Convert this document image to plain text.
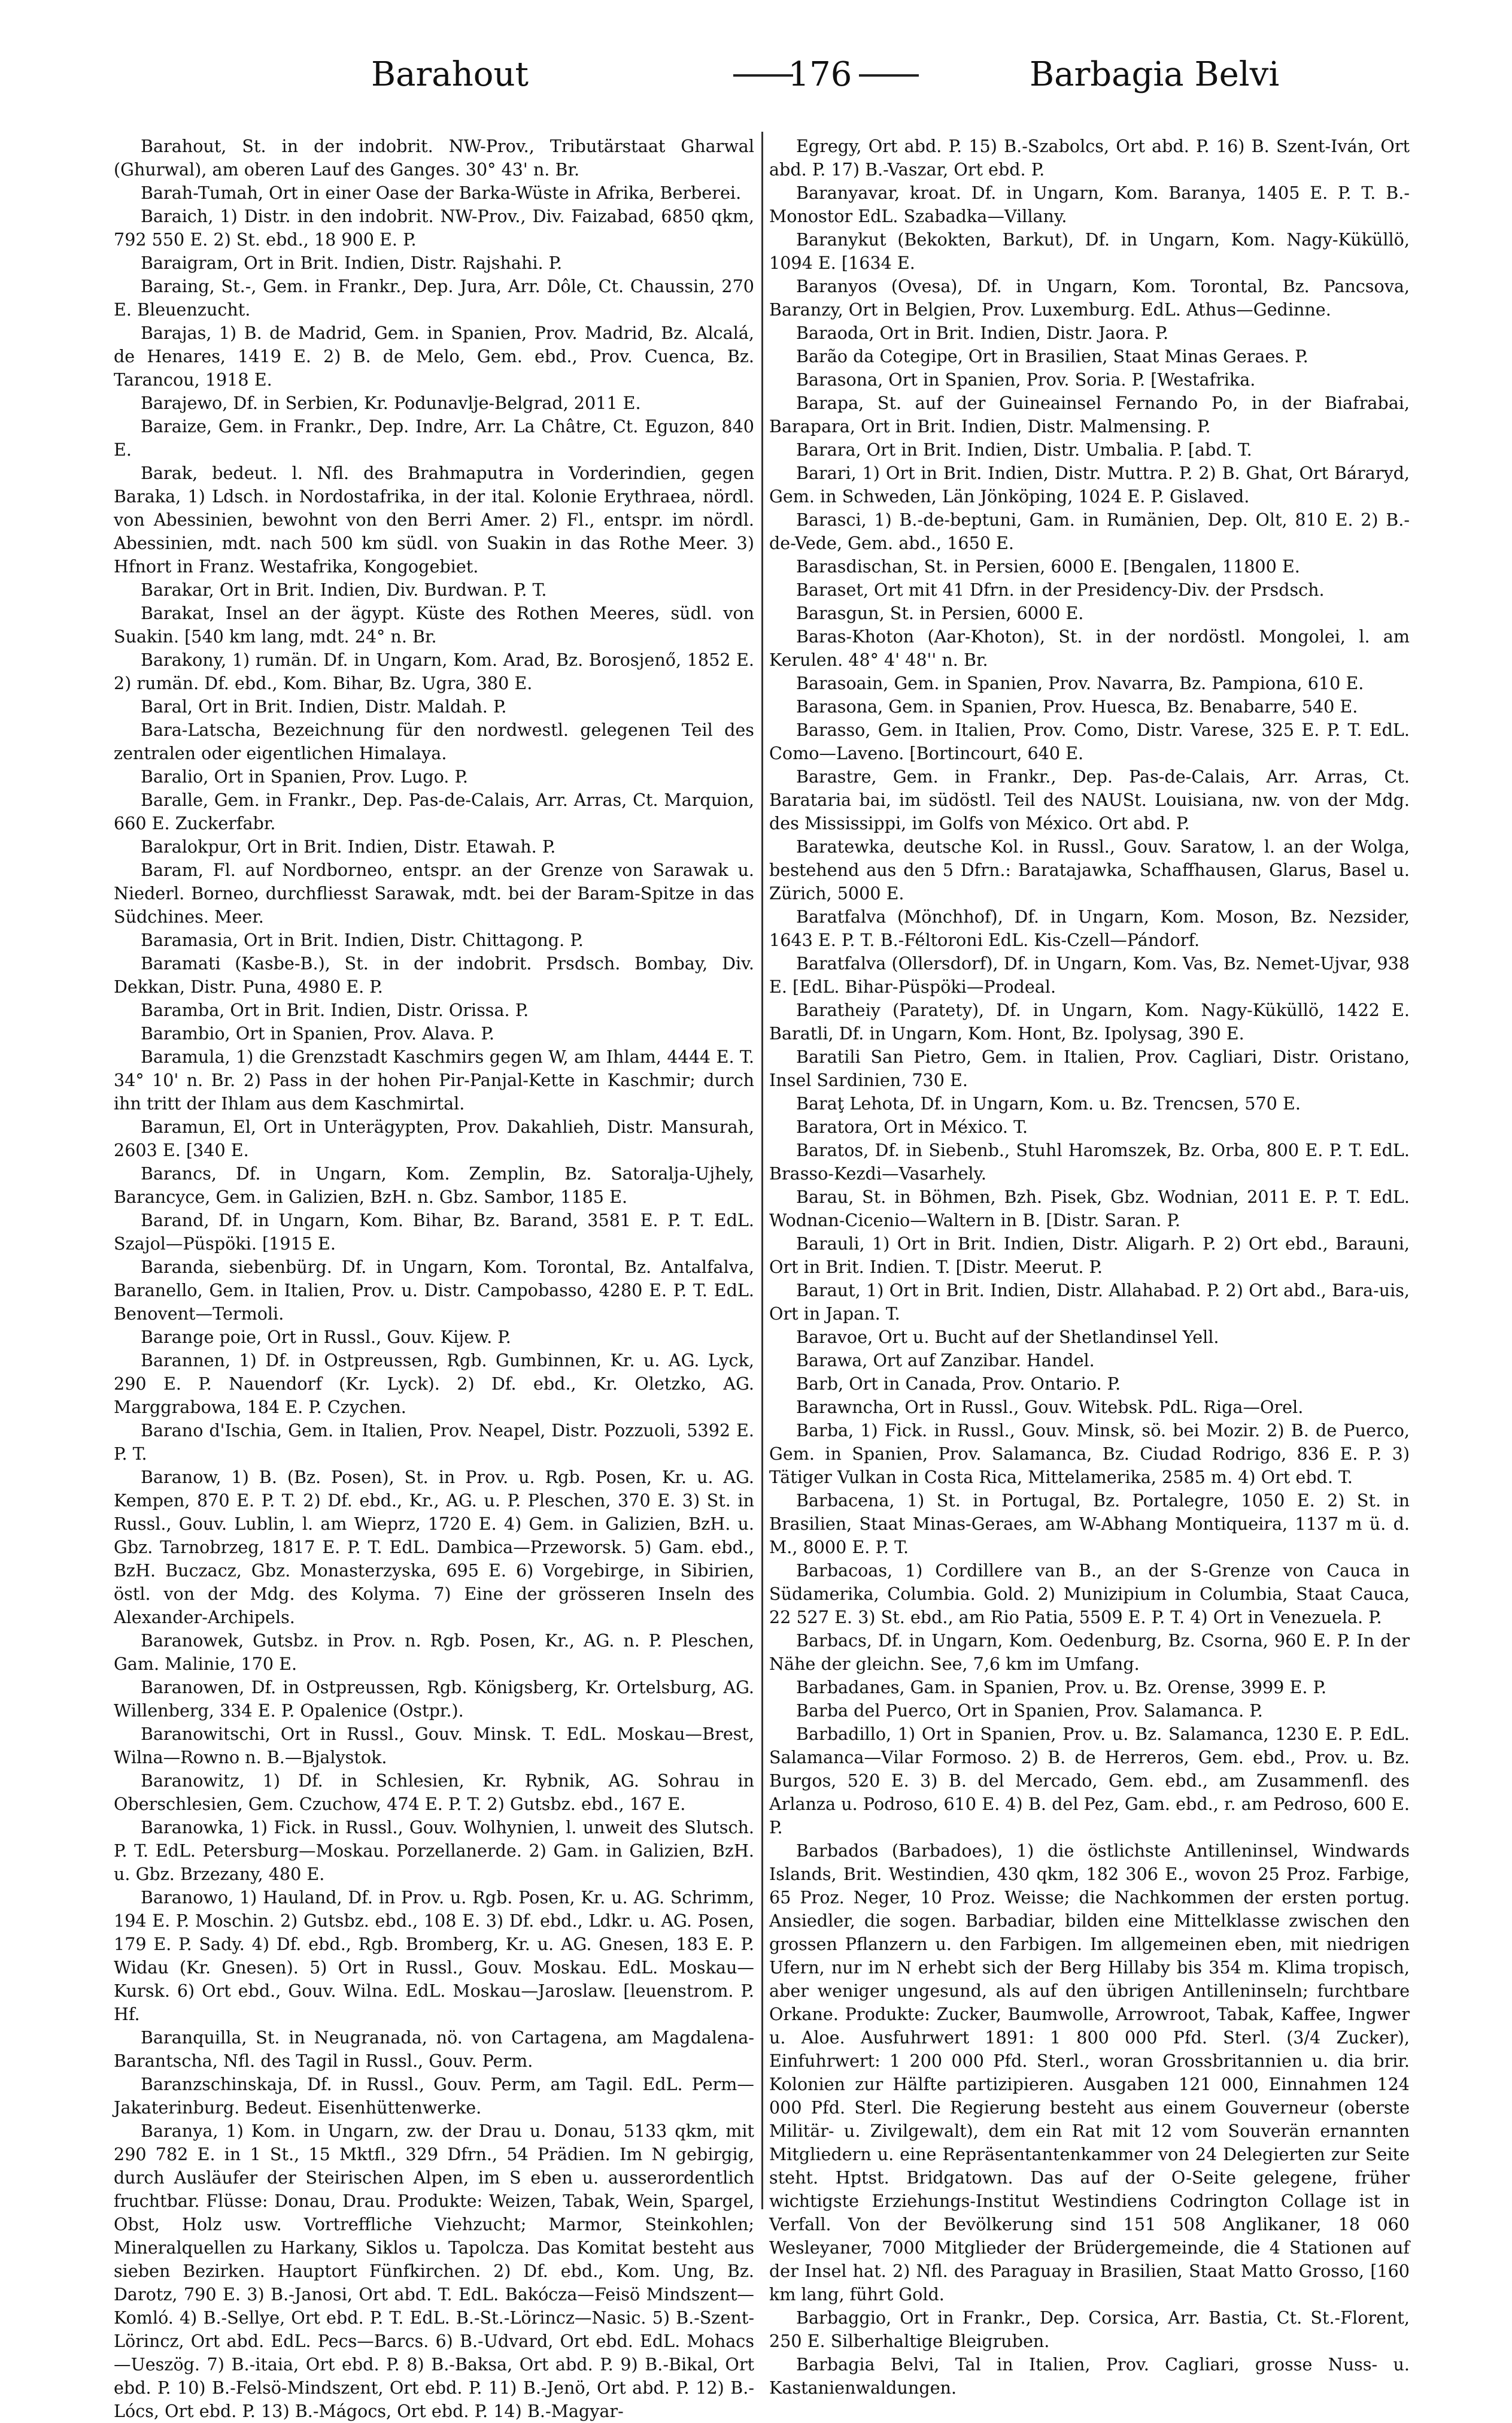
Barahout	176	Barbagia Belvi

Barahout, St. in der indobrit. NW-Prov., Tributärstaat Gharwal (Ghurwal), am oberen Lauf des Ganges. 30° 43' n. Br.

Barah-Tumah, Ort in einer Oase der Barka-Wüste in Afrika, Berberei.

Baraich, 1) Distr. in den indobrit. NW-Prov., Div. Faizabad, 6850 qkm, 792 550 E. 2) St. ebd., 18 900 E. P.

Baraigram, Ort in Brit. Indien, Distr. Rajshahi. P.

Baraing, St.-, Gem. in Frankr., Dep. Jura, Arr. Dôle, Ct. Chaussin, 270 E. Bleuenzucht.

Barajas, 1) B. de Madrid, Gem. in Spanien, Prov. Madrid, Bz. Alcalá, de Henares, 1419 E. 2) B. de Melo, Gem. ebd., Prov. Cuenca, Bz. Tarancou, 1918 E.

Barajewo, Df. in Serbien, Kr. Podunavlje-Belgrad, 2011 E.

Baraize, Gem. in Frankr., Dep. Indre, Arr. La Châtre, Ct. Eguzon, 840 E.

Barak, bedeut. l. Nfl. des Brahmaputra in Vorderindien, gegen Baraka, 1) Ldsch. in Nordostafrika, in der ital. Kolonie Erythraea, nördl. von Abessinien, bewohnt von den Berri Amer. 2) Fl., entspr. im nördl. Abessinien, mdt. nach 500 km südl. von Suakin in das Rothe Meer. 3) Hfnort in Franz. Westafrika, Kongogebiet.

Barakar, Ort in Brit. Indien, Div. Burdwan. P. T.

Barakat, Insel an der ägypt. Küste des Rothen Meeres, südl. von Suakin. [540 km lang, mdt. 24° n. Br.

Barakony, 1) rumän. Df. in Ungarn, Kom. Arad, Bz. Borosjenő, 1852 E. 2) rumän. Df. ebd., Kom. Bihar, Bz. Ugra, 380 E.

Baral, Ort in Brit. Indien, Distr. Maldah. P.

Bara-Latscha, Bezeichnung für den nordwestl. gelegenen Teil des zentralen oder eigentlichen Himalaya.

Baralio, Ort in Spanien, Prov. Lugo. P.

Baralle, Gem. in Frankr., Dep. Pas-de-Calais, Arr. Arras, Ct. Marquion, 660 E. Zuckerfabr.

Baralokpur, Ort in Brit. Indien, Distr. Etawah. P.

Baram, Fl. auf Nordborneo, entspr. an der Grenze von Sarawak u. Niederl. Borneo, durchfliesst Sarawak, mdt. bei der Baram-Spitze in das Südchines. Meer.

Baramasia, Ort in Brit. Indien, Distr. Chittagong. P.

Baramati (Kasbe-B.), St. in der indobrit. Prsdsch. Bombay, Div. Dekkan, Distr. Puna, 4980 E. P.

Baramba, Ort in Brit. Indien, Distr. Orissa. P.

Barambio, Ort in Spanien, Prov. Alava. P.

Baramula, 1) die Grenzstadt Kaschmirs gegen W, am Ihlam, 4444 E. T. 34° 10' n. Br. 2) Pass in der hohen Pir-Panjal-Kette in Kaschmir; durch ihn tritt der Ihlam aus dem Kaschmirtal.

Baramun, El, Ort in Unterägypten, Prov. Dakahlieh, Distr. Mansurah, 2603 E. [340 E.

Barancs, Df. in Ungarn, Kom. Zemplin, Bz. Satoralja-Ujhely, Barancyce, Gem. in Galizien, BzH. n. Gbz. Sambor, 1185 E.

Barand, Df. in Ungarn, Kom. Bihar, Bz. Barand, 3581 E. P. T. EdL. Szajol—Püspöki. [1915 E.

Baranda, siebenbürg. Df. in Ungarn, Kom. Torontal, Bz. Antalfalva, Baranello, Gem. in Italien, Prov. u. Distr. Campobasso, 4280 E. P. T. EdL. Benovent—Termoli.

Barange poie, Ort in Russl., Gouv. Kijew. P.

Barannen, 1) Df. in Ostpreussen, Rgb. Gumbinnen, Kr. u. AG. Lyck, 290 E. P. Nauendorf (Kr. Lyck). 2) Df. ebd., Kr. Oletzko, AG. Marggrabowa, 184 E. P. Czychen.

Barano d'Ischia, Gem. in Italien, Prov. Neapel, Distr. Pozzuoli, 5392 E. P. T.

Baranow, 1) B. (Bz. Posen), St. in Prov. u. Rgb. Posen, Kr. u. AG. Kempen, 870 E. P. T. 2) Df. ebd., Kr., AG. u. P. Pleschen, 370 E. 3) St. in Russl., Gouv. Lublin, l. am Wieprz, 1720 E. 4) Gem. in Galizien, BzH. u. Gbz. Tarnobrzeg, 1817 E. P. T. EdL. Dambica—Przeworsk. 5) Gam. ebd., BzH. Buczacz, Gbz. Monasterzyska, 695 E. 6) Vorgebirge, in Sibirien, östl. von der Mdg. des Kolyma. 7) Eine der grösseren Inseln des Alexander-Archipels.

Baranowek, Gutsbz. in Prov. n. Rgb. Posen, Kr., AG. n. P. Pleschen, Gam. Malinie, 170 E.

Baranowen, Df. in Ostpreussen, Rgb. Königsberg, Kr. Ortelsburg, AG. Willenberg, 334 E. P. Opalenice (Ostpr.).

Baranowitschi, Ort in Russl., Gouv. Minsk. T. EdL. Moskau—Brest, Wilna—Rowno n. B.—Bjalystok.

Baranowitz, 1) Df. in Schlesien, Kr. Rybnik, AG. Sohrau in Oberschlesien, Gem. Czuchow, 474 E. P. T. 2) Gutsbz. ebd., 167 E.

Baranowka, 1) Fick. in Russl., Gouv. Wolhynien, l. unweit des Slutsch. P. T. EdL. Petersburg—Moskau. Porzellanerde. 2) Gam. in Galizien, BzH. u. Gbz. Brzezany, 480 E.

Baranowo, 1) Hauland, Df. in Prov. u. Rgb. Posen, Kr. u. AG. Schrimm, 194 E. P. Moschin. 2) Gutsbz. ebd., 108 E. 3) Df. ebd., Ldkr. u. AG. Posen, 179 E. P. Sady. 4) Df. ebd., Rgb. Bromberg, Kr. u. AG. Gnesen, 183 E. P. Widau (Kr. Gnesen). 5) Ort in Russl., Gouv. Moskau. EdL. Moskau—Kursk. 6) Ort ebd., Gouv. Wilna. EdL. Moskau—Jaroslaw. [leuenstrom. P. Hf.

Baranquilla, St. in Neugranada, nö. von Cartagena, am Magdalena-Barantscha, Nfl. des Tagil in Russl., Gouv. Perm.

Baranzschinskaja, Df. in Russl., Gouv. Perm, am Tagil. EdL. Perm—Jakaterinburg. Bedeut. Eisenhüttenwerke.

Baranya, 1) Kom. in Ungarn, zw. der Drau u. Donau, 5133 qkm, mit 290 782 E. in 1 St., 15 Mktfl., 329 Dfrn., 54 Prädien. Im N gebirgig, durch Ausläufer der Steirischen Alpen, im S eben u. ausserordentlich fruchtbar. Flüsse: Donau, Drau. Produkte: Weizen, Tabak, Wein, Spargel, Obst, Holz usw. Vortreffliche Viehzucht; Marmor, Steinkohlen; Mineralquellen zu Harkany, Siklos u. Tapolcza. Das Komitat besteht aus sieben Bezirken. Hauptort Fünfkirchen. 2) Df. ebd., Kom. Ung, Bz. Darotz, 790 E. 3) B.-Janosi, Ort abd. T. EdL. Bakócza—Feisö Mindszent—Komló. 4) B.-Sellye, Ort ebd. P. T. EdL. B.-St.-Lörincz—Nasic. 5) B.-Szent-Lörincz, Ort abd. EdL. Pecs—Barcs. 6) B.-Udvard, Ort ebd. EdL. Mohacs—Ueszög. 7) B.-itaia, Ort ebd. P. 8) B.-Baksa, Ort abd. P. 9) B.-Bikal, Ort ebd. P. 10) B.-Felsö-Mindszent, Ort ebd. P. 11) B.-Jenö, Ort abd. P. 12) B.-Lócs, Ort ebd. P. 13) B.-Mágocs, Ort ebd. P. 14) B.-Magyar-

Egregy, Ort abd. P. 15) B.-Szabolcs, Ort abd. P. 16) B. Szent-Iván, Ort abd. P. 17) B.-Vaszar, Ort ebd. P.

Baranyavar, kroat. Df. in Ungarn, Kom. Baranya, 1405 E. P. T. B.-Monostor EdL. Szabadka—Villany.

Baranykut (Bekokten, Barkut), Df. in Ungarn, Kom. Nagy-Küküllö, 1094 E. [1634 E.

Baranyos (Ovesa), Df. in Ungarn, Kom. Torontal, Bz. Pancsova, Baranzy, Ort in Belgien, Prov. Luxemburg. EdL. Athus—Gedinne.

Baraoda, Ort in Brit. Indien, Distr. Jaora. P.

Barão da Cotegipe, Ort in Brasilien, Staat Minas Geraes. P.

Barasona, Ort in Spanien, Prov. Soria. P. [Westafrika.

Barapa, St. auf der Guineainsel Fernando Po, in der Biafrabai, Barapara, Ort in Brit. Indien, Distr. Malmensing. P.

Barara, Ort in Brit. Indien, Distr. Umbalia. P. [abd. T.

Barari, 1) Ort in Brit. Indien, Distr. Muttra. P. 2) B. Ghat, Ort Báraryd, Gem. in Schweden, Län Jönköping, 1024 E. P. Gislaved.

Barasci, 1) B.-de-beptuni, Gam. in Rumänien, Dep. Olt, 810 E. 2) B.-de-Vede, Gem. abd., 1650 E.

Barasdischan, St. in Persien, 6000 E. [Bengalen, 11800 E.

Baraset, Ort mit 41 Dfrn. in der Presidency-Div. der Prsdsch.

Barasgun, St. in Persien, 6000 E.

Baras-Khoton (Aar-Khoton), St. in der nordöstl. Mongolei, l. am Kerulen. 48° 4' 48'' n. Br.

Barasoain, Gem. in Spanien, Prov. Navarra, Bz. Pampiona, 610 E.

Barasona, Gem. in Spanien, Prov. Huesca, Bz. Benabarre, 540 E.

Barasso, Gem. in Italien, Prov. Como, Distr. Varese, 325 E. P. T. EdL. Como—Laveno. [Bortincourt, 640 E.

Barastre, Gem. in Frankr., Dep. Pas-de-Calais, Arr. Arras, Ct. Barataria bai, im südöstl. Teil des NAUSt. Louisiana, nw. von der Mdg. des Mississippi, im Golfs von México. Ort abd. P.

Baratewka, deutsche Kol. in Russl., Gouv. Saratow, l. an der Wolga, bestehend aus den 5 Dfrn.: Baratajawka, Schaffhausen, Glarus, Basel u. Zürich, 5000 E.

Baratfalva (Mönchhof), Df. in Ungarn, Kom. Moson, Bz. Nezsider, 1643 E. P. T. B.-Féltoroni EdL. Kis-Czell—Pándorf.

Baratfalva (Ollersdorf), Df. in Ungarn, Kom. Vas, Bz. Nemet-Ujvar, 938 E. [EdL. Bihar-Püspöki—Prodeal.

Baratheiy (Paratety), Df. in Ungarn, Kom. Nagy-Küküllö, 1422 E. Baratli, Df. in Ungarn, Kom. Hont, Bz. Ipolysag, 390 E.

Baratili San Pietro, Gem. in Italien, Prov. Cagliari, Distr. Oristano, Insel Sardinien, 730 E.

Baraţ Lehota, Df. in Ungarn, Kom. u. Bz. Trencsen, 570 E.

Baratora, Ort in México. T.

Baratos, Df. in Siebenb., Stuhl Haromszek, Bz. Orba, 800 E. P. T. EdL. Brasso-Kezdi—Vasarhely.

Barau, St. in Böhmen, Bzh. Pisek, Gbz. Wodnian, 2011 E. P. T. EdL. Wodnan-Cicenio—Waltern in B. [Distr. Saran. P.

Barauli, 1) Ort in Brit. Indien, Distr. Aligarh. P. 2) Ort ebd., Barauni, Ort in Brit. Indien. T. [Distr. Meerut. P.

Baraut, 1) Ort in Brit. Indien, Distr. Allahabad. P. 2) Ort abd., Bara-uis, Ort in Japan. T.

Baravoe, Ort u. Bucht auf der Shetlandinsel Yell.

Barawa, Ort auf Zanzibar. Handel.

Barb, Ort in Canada, Prov. Ontario. P.

Barawncha, Ort in Russl., Gouv. Witebsk. PdL. Riga—Orel.

Barba, 1) Fick. in Russl., Gouv. Minsk, sö. bei Mozir. 2) B. de Puerco, Gem. in Spanien, Prov. Salamanca, Bz. Ciudad Rodrigo, 836 E. P. 3) Tätiger Vulkan in Costa Rica, Mittelamerika, 2585 m. 4) Ort ebd. T.

Barbacena, 1) St. in Portugal, Bz. Portalegre, 1050 E. 2) St. in Brasilien, Staat Minas-Geraes, am W-Abhang Montiqueira, 1137 m ü. d. M., 8000 E. P. T.

Barbacoas, 1) Cordillere van B., an der S-Grenze von Cauca in Südamerika, Columbia. Gold. 2) Munizipium in Columbia, Staat Cauca, 22 527 E. 3) St. ebd., am Rio Patia, 5509 E. P. T. 4) Ort in Venezuela. P.

Barbacs, Df. in Ungarn, Kom. Oedenburg, Bz. Csorna, 960 E. P. In der Nähe der gleichn. See, 7,6 km im Umfang.

Barbadanes, Gam. in Spanien, Prov. u. Bz. Orense, 3999 E. P.

Barba del Puerco, Ort in Spanien, Prov. Salamanca. P.

Barbadillo, 1) Ort in Spanien, Prov. u. Bz. Salamanca, 1230 E. P. EdL. Salamanca—Vilar Formoso. 2) B. de Herreros, Gem. ebd., Prov. u. Bz. Burgos, 520 E. 3) B. del Mercado, Gem. ebd., am Zusammenfl. des Arlanza u. Podroso, 610 E. 4) B. del Pez, Gam. ebd., r. am Pedroso, 600 E. P.

Barbados (Barbadoes), 1) die östlichste Antilleninsel, Windwards Islands, Brit. Westindien, 430 qkm, 182 306 E., wovon 25 Proz. Farbige, 65 Proz. Neger, 10 Proz. Weisse; die Nachkommen der ersten portug. Ansiedler, die sogen. Barbadiar, bilden eine Mittelklasse zwischen den grossen Pflanzern u. den Farbigen. Im allgemeinen eben, mit niedrigen Ufern, nur im N erhebt sich der Berg Hillaby bis 354 m. Klima tropisch, aber weniger ungesund, als auf den übrigen Antilleninseln; furchtbare Orkane. Produkte: Zucker, Baumwolle, Arrowroot, Tabak, Kaffee, Ingwer u. Aloe. Ausfuhrwert 1891: 1 800 000 Pfd. Sterl. (3/4 Zucker), Einfuhrwert: 1 200 000 Pfd. Sterl., woran Grossbritannien u. dia brir. Kolonien zur Hälfte partizipieren. Ausgaben 121 000, Einnahmen 124 000 Pfd. Sterl. Die Regierung besteht aus einem Gouverneur (oberste Militär- u. Zivilgewalt), dem ein Rat mit 12 vom Souverän ernannten Mitgliedern u. eine Repräsentantenkammer von 24 Delegierten zur Seite steht. Hptst. Bridgatown. Das auf der O-Seite gelegene, früher wichtigste Erziehungs-Institut Westindiens Codrington Collage ist in Verfall. Von der Bevölkerung sind 151 508 Anglikaner, 18 060 Wesleyaner, 7000 Mitglieder der Brüdergemeinde, die 4 Stationen auf der Insel hat. 2) Nfl. des Paraguay in Brasilien, Staat Matto Grosso, [160 km lang, führt Gold.

Barbaggio, Ort in Frankr., Dep. Corsica, Arr. Bastia, Ct. St.-Florent, 250 E. Silberhaltige Bleigruben.

Barbagia Belvi, Tal in Italien, Prov. Cagliari, grosse Nuss- u. Kastanienwaldungen.
